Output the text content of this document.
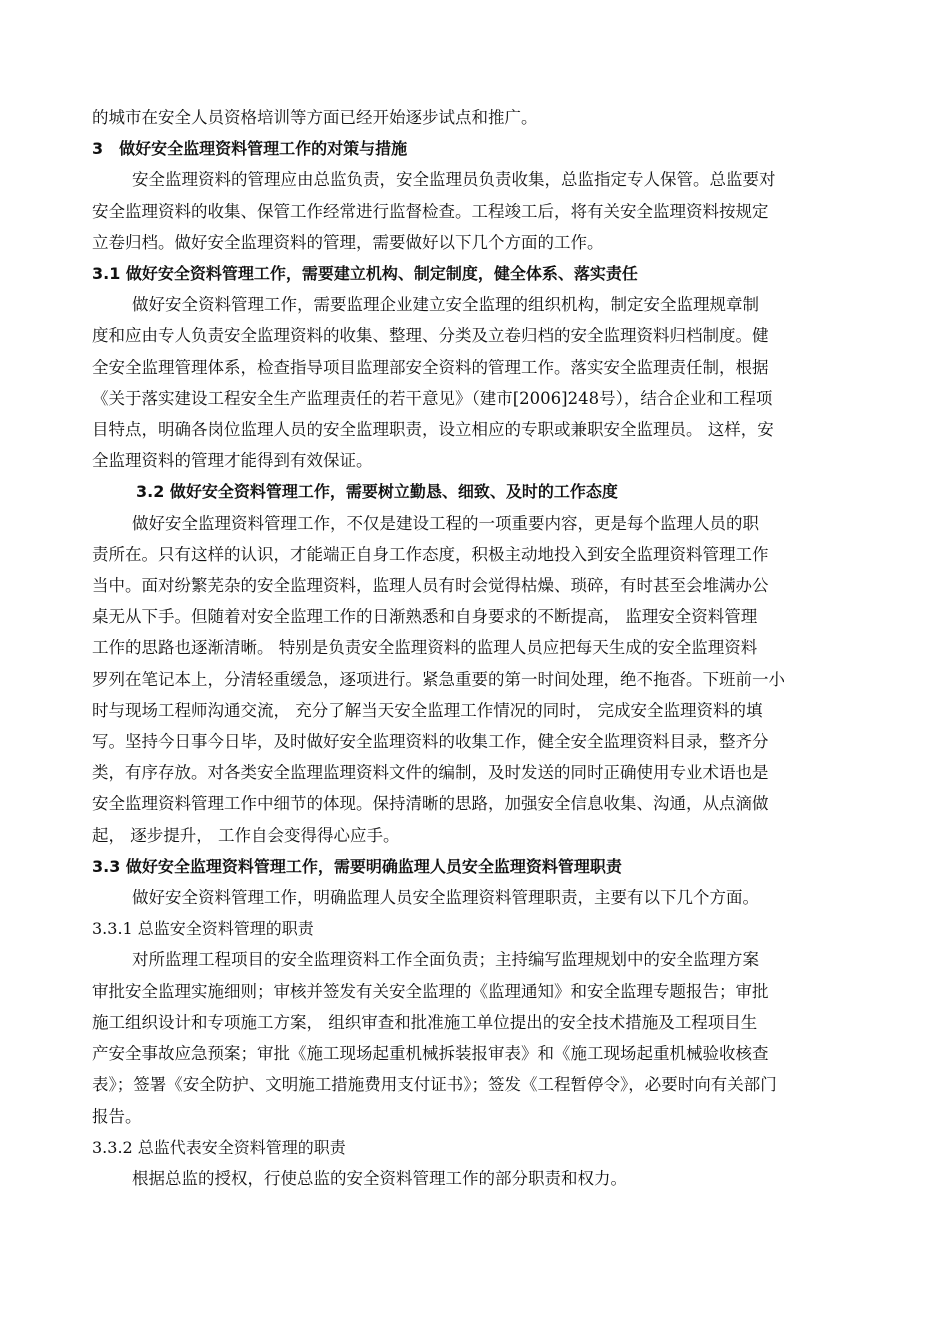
的城市在安全人员资格培训等方面已经开始逐步试点和推广。

3　做好安全监理资料管理工作的对策与措施

安全监理资料的管理应由总监负责，安全监理员负责收集，总监指定专人保管。总监要对
安全监理资料的收集、保管工作经常进行监督检查。工程竣工后，将有关安全监理资料按规定
立卷归档。做好安全监理资料的管理，需要做好以下几个方面的工作。

3.1 做好安全资料管理工作，需要建立机构、制定制度，健全体系、落实责任

做好安全资料管理工作，需要监理企业建立安全监理的组织机构，制定安全监理规章制
度和应由专人负责安全监理资料的收集、整理、分类及立卷归档的安全监理资料归档制度。健
全安全监理管理体系，检查指导项目监理部安全资料的管理工作。落实安全监理责任制，根据
《关于落实建设工程安全生产监理责任的若干意见》（建市[2006]248号），结合企业和工程项
目特点，明确各岗位监理人员的安全监理职责，设立相应的专职或兼职安全监理员。 这样，安
全监理资料的管理才能得到有效保证。

3.2 做好安全资料管理工作，需要树立勤恳、细致、及时的工作态度

做好安全监理资料管理工作，不仅是建设工程的一项重要内容，更是每个监理人员的职
责所在。只有这样的认识，才能端正自身工作态度，积极主动地投入到安全监理资料管理工作
当中。面对纷繁芜杂的安全监理资料，监理人员有时会觉得枯燥、琐碎，有时甚至会堆满办公
桌无从下手。但随着对安全监理工作的日渐熟悉和自身要求的不断提高， 监理安全资料管理
工作的思路也逐渐清晰。 特别是负责安全监理资料的监理人员应把每天生成的安全监理资料
罗列在笔记本上，分清轻重缓急，逐项进行。紧急重要的第一时间处理，绝不拖沓。下班前一小
时与现场工程师沟通交流， 充分了解当天安全监理工作情况的同时， 完成安全监理资料的填
写。坚持今日事今日毕，及时做好安全监理资料的收集工作，健全安全监理资料目录，整齐分
类，有序存放。对各类安全监理监理资料文件的编制，及时发送的同时正确使用专业术语也是
安全监理资料管理工作中细节的体现。保持清晰的思路，加强安全信息收集、沟通，从点滴做
起， 逐步提升， 工作自会变得得心应手。

3.3 做好安全监理资料管理工作，需要明确监理人员安全监理资料管理职责

做好安全资料管理工作，明确监理人员安全监理资料管理职责，主要有以下几个方面。

3.3.1 总监安全资料管理的职责

对所监理工程项目的安全监理资料工作全面负责；主持编写监理规划中的安全监理方案
审批安全监理实施细则；审核并签发有关安全监理的《监理通知》和安全监理专题报告；审批
施工组织设计和专项施工方案， 组织审查和批准施工单位提出的安全技术措施及工程项目生
产安全事故应急预案；审批《施工现场起重机械拆装报审表》和《施工现场起重机械验收核查
表》；签署《安全防护、文明施工措施费用支付证书》；签发《工程暂停令》，必要时向有关部门
报告。

3.3.2 总监代表安全资料管理的职责

根据总监的授权，行使总监的安全资料管理工作的部分职责和权力。
